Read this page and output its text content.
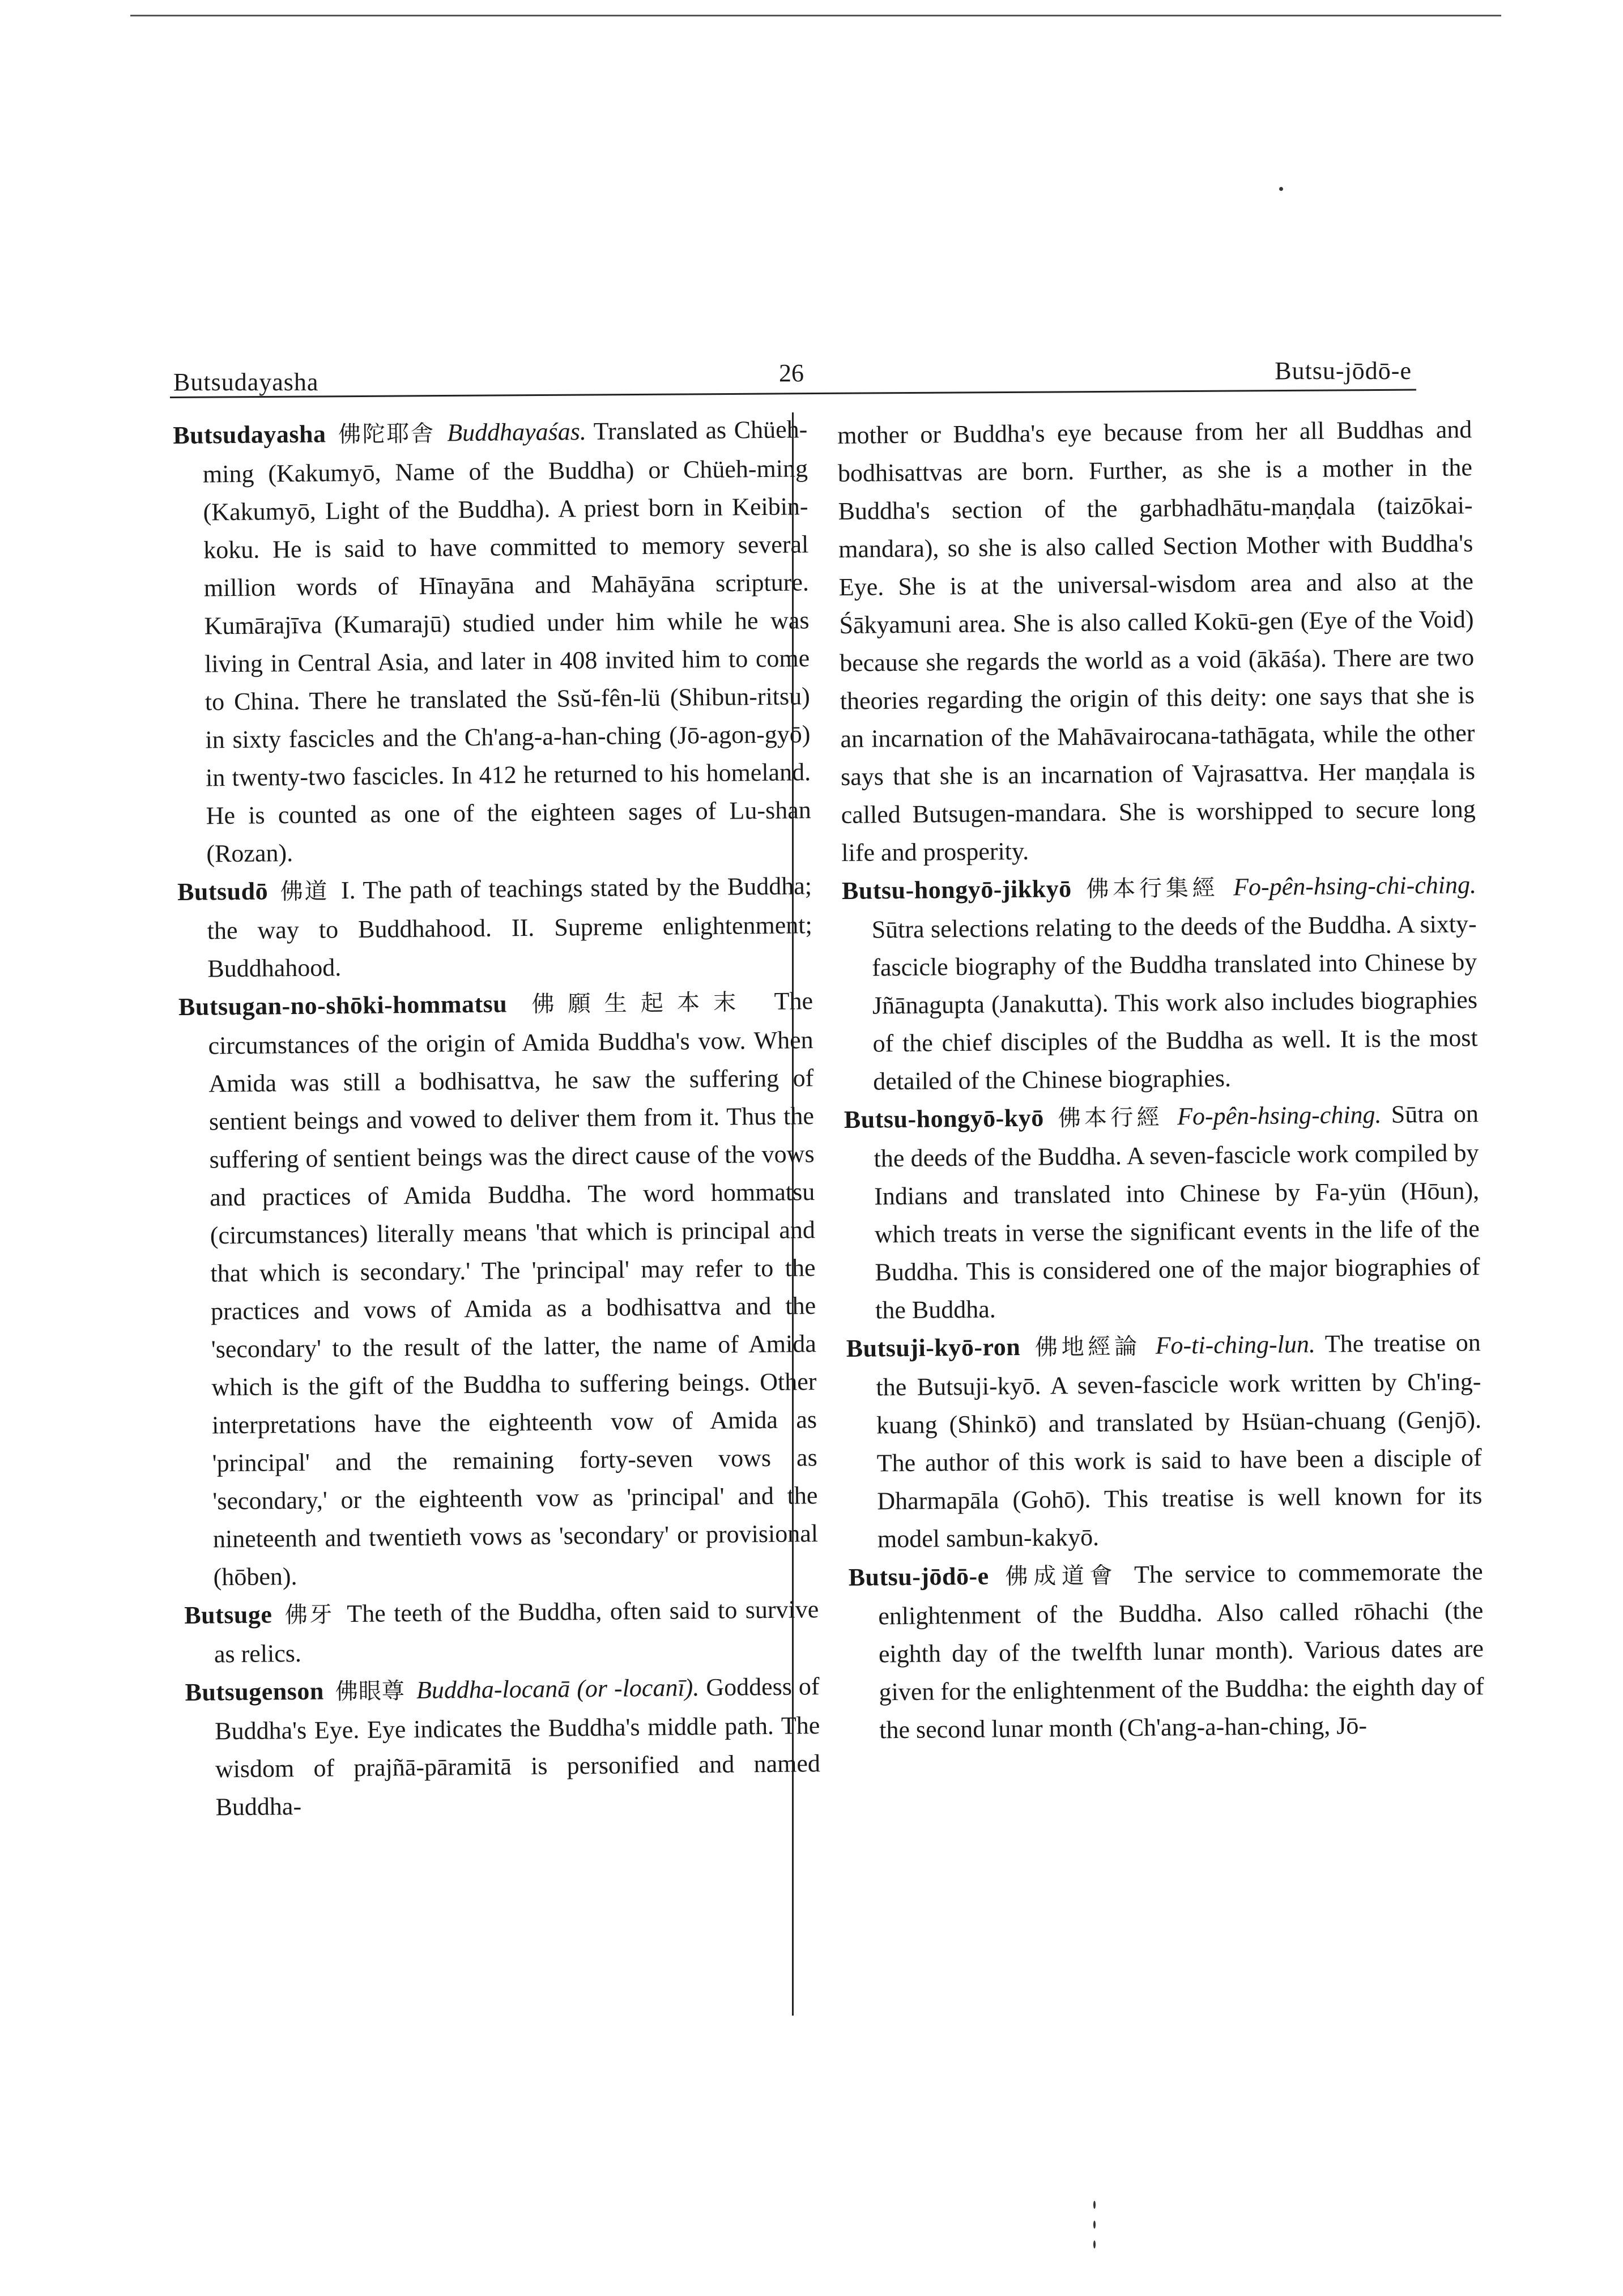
Butsudayasha	26	Butsu-jōdō-e

Butsudayasha 佛陀耶舎 Buddhayaśas. Translated as Chüeh-ming (Kakumyō, Name of the Buddha) or Chüeh-ming (Kakumyō, Light of the Buddha). A priest born in Keibin-koku. He is said to have committed to memory several million words of Hīnayāna and Mahāyāna scripture. Kumārajīva (Kumarajū) studied under him while he was living in Central Asia, and later in 408 invited him to come to China. There he translated the Ssŭ-fên-lü (Shibun-ritsu) in sixty fascicles and the Ch'ang-a-han-ching (Jō-agon-gyō) in twenty-two fascicles. In 412 he returned to his homeland. He is counted as one of the eighteen sages of Lu-shan (Rozan).

Butsudō 佛道 I. The path of teachings stated by the Buddha; the way to Buddhahood. II. Supreme enlightenment; Buddhahood.

Butsugan-no-shōki-hommatsu 佛願生起本末 The circumstances of the origin of Amida Buddha's vow. When Amida was still a bodhisattva, he saw the suffering of sentient beings and vowed to deliver them from it. Thus the suffering of sentient beings was the direct cause of the vows and practices of Amida Buddha. The word hommatsu (circumstances) literally means 'that which is principal and that which is secondary.' The 'principal' may refer to the practices and vows of Amida as a bodhisattva and the 'secondary' to the result of the latter, the name of Amida which is the gift of the Buddha to suffering beings. Other interpretations have the eighteenth vow of Amida as 'principal' and the remaining forty-seven vows as 'secondary,' or the eighteenth vow as 'principal' and the nineteenth and twentieth vows as 'secondary' or provisional (hōben).

Butsuge 佛牙 The teeth of the Buddha, often said to survive as relics.

Butsugenson 佛眼尊 Buddha-locanā (or -locanī). Goddess of Buddha's Eye. Eye indicates the Buddha's middle path. The wisdom of prajñā-pāramitā is personified and named Buddha-

mother or Buddha's eye because from her all Buddhas and bodhisattvas are born. Further, as she is a mother in the Buddha's section of the garbhadhātu-maṇḍala (taizōkai-mandara), so she is also called Section Mother with Buddha's Eye. She is at the universal-wisdom area and also at the Śākyamuni area. She is also called Kokū-gen (Eye of the Void) because she regards the world as a void (ākāśa). There are two theories regarding the origin of this deity: one says that she is an incarnation of the Mahāvairocana-tathāgata, while the other says that she is an incarnation of Vajrasattva. Her maṇḍala is called Butsugen-mandara. She is worshipped to secure long life and prosperity.

Butsu-hongyō-jikkyō 佛本行集經 Fo-pên-hsing-chi-ching. Sūtra selections relating to the deeds of the Buddha. A sixty-fascicle biography of the Buddha translated into Chinese by Jñānagupta (Janakutta). This work also includes biographies of the chief disciples of the Buddha as well. It is the most detailed of the Chinese biographies.

Butsu-hongyō-kyō 佛本行經 Fo-pên-hsing-ching. Sūtra on the deeds of the Buddha. A seven-fascicle work compiled by Indians and translated into Chinese by Fa-yün (Hōun), which treats in verse the significant events in the life of the Buddha. This is considered one of the major biographies of the Buddha.

Butsuji-kyō-ron 佛地經論 Fo-ti-ching-lun. The treatise on the Butsuji-kyō. A seven-fascicle work written by Ch'ing-kuang (Shinkō) and translated by Hsüan-chuang (Genjō). The author of this work is said to have been a disciple of Dharmapāla (Gohō). This treatise is well known for its model sambun-kakyō.

Butsu-jōdō-e 佛成道會 The service to commemorate the enlightenment of the Buddha. Also called rōhachi (the eighth day of the twelfth lunar month). Various dates are given for the enlightenment of the Buddha: the eighth day of the second lunar month (Ch'ang-a-han-ching, Jō-
